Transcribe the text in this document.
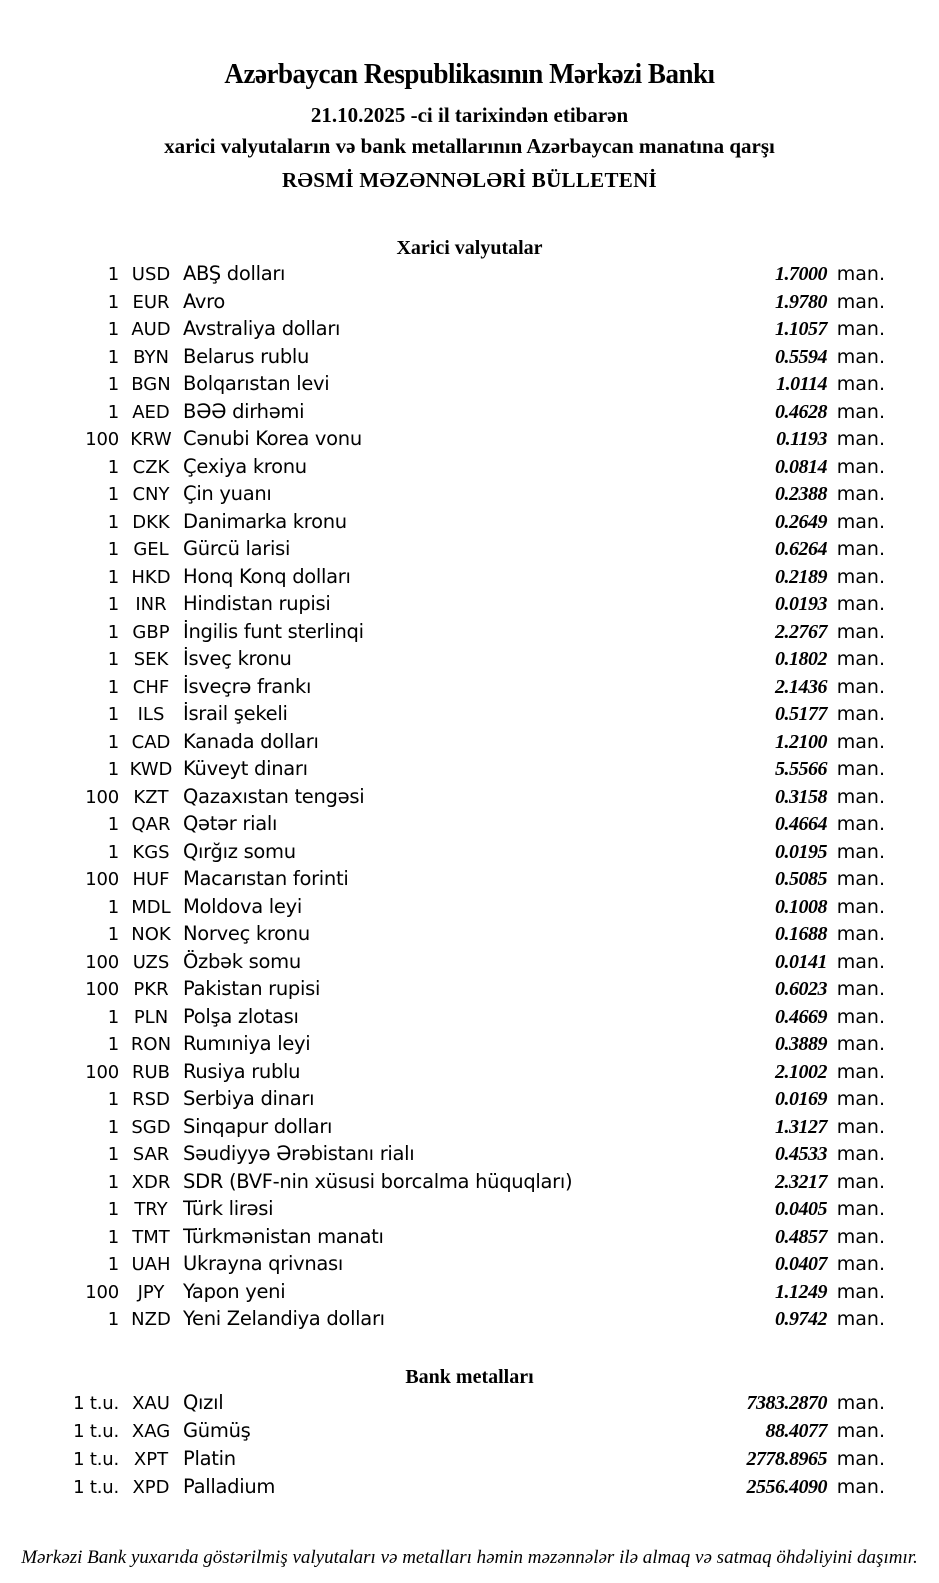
Azərbaycan Respublikasının Mərkəzi Bankı
21.10.2025 -ci il tarixindən etibarən
xarici valyutaların və bank metallarının Azərbaycan manatına qarşı
RƏSMİ MƏZƏNNƏLƏRİ BÜLLETENİ
Xarici valyutalar
1 USD ABŞ dolları	1.7000 man.
1 EUR Avro	1.9780 man.
1 AUD Avstraliya dolları	1.1057 man.
1 BYN Belarus rublu	0.5594 man.
1 BGN Bolqarıstan levi	1.0114 man.
1 AED BƏƏ dirhəmi	0.4628 man.
100 KRW Cənubi Korea vonu	0.1193 man.
1 CZK Çexiya kronu	0.0814 man.
1 CNY Çin yuanı	0.2388 man.
1 DKK Danimarka kronu	0.2649 man.
1 GEL Gürcü larisi	0.6264 man.
1 HKD Honq Konq dolları	0.2189 man.
1 INR Hindistan rupisi	0.0193 man.
1 GBP İngilis funt sterlinqi	2.2767 man.
1 SEK İsveç kronu	0.1802 man.
1 CHF İsveçrə frankı	2.1436 man.
1	ILS İsrail şekeli	0.5177 man.
1 CAD Kanada dolları	1.2100 man.
1 KWD Küveyt dinarı	5.5566 man.
100 KZT Qazaxıstan tengəsi	0.3158 man.
1 QAR Qətər rialı	0.4664 man.
1 KGS Qırğız somu	0.0195 man.
100 HUF Macarıstan forinti	0.5085 man.
1 MDL Moldova leyi	0.1008 man.
1 NOK Norveç kronu	0.1688 man.
100 UZS Özbək somu	0.0141 man.
100 PKR Pakistan rupisi	0.6023 man.
1 PLN Polşa zlotası	0.4669 man.
1 RON Rumıniya leyi	0.3889 man.
100 RUB Rusiya rublu	2.1002 man.
1 RSD Serbiya dinarı	0.0169 man.
1 SGD Sinqapur dolları	1.3127 man.
1 SAR Səudiyyə Ərəbistanı rialı	0.4533 man.
1 XDR SDR (BVF-nin xüsusi borcalma hüquqları)	2.3217 man.
1 TRY Türk lirəsi	0.0405 man.
1 TMT Türkmənistan manatı	0.4857 man.
1 UAH Ukrayna qrivnası	0.0407 man.
100	JPY Yapon yeni	1.1249 man.
1 NZD Yeni Zelandiya dolları	0.9742 man.
Bank metalları
1 t.u. XAU Qızıl	7383.2870 man.
1 t.u. XAG Gümüş	88.4077 man.
1 t.u. XPT Platin	2778.8965 man.
1 t.u. XPD Palladium	2556.4090 man.
Mərkəzi Bank yuxarıda göstərilmiş valyutaları və metalları həmin məzənnələr ilə almaq və satmaq öhdəliyini daşımır.
